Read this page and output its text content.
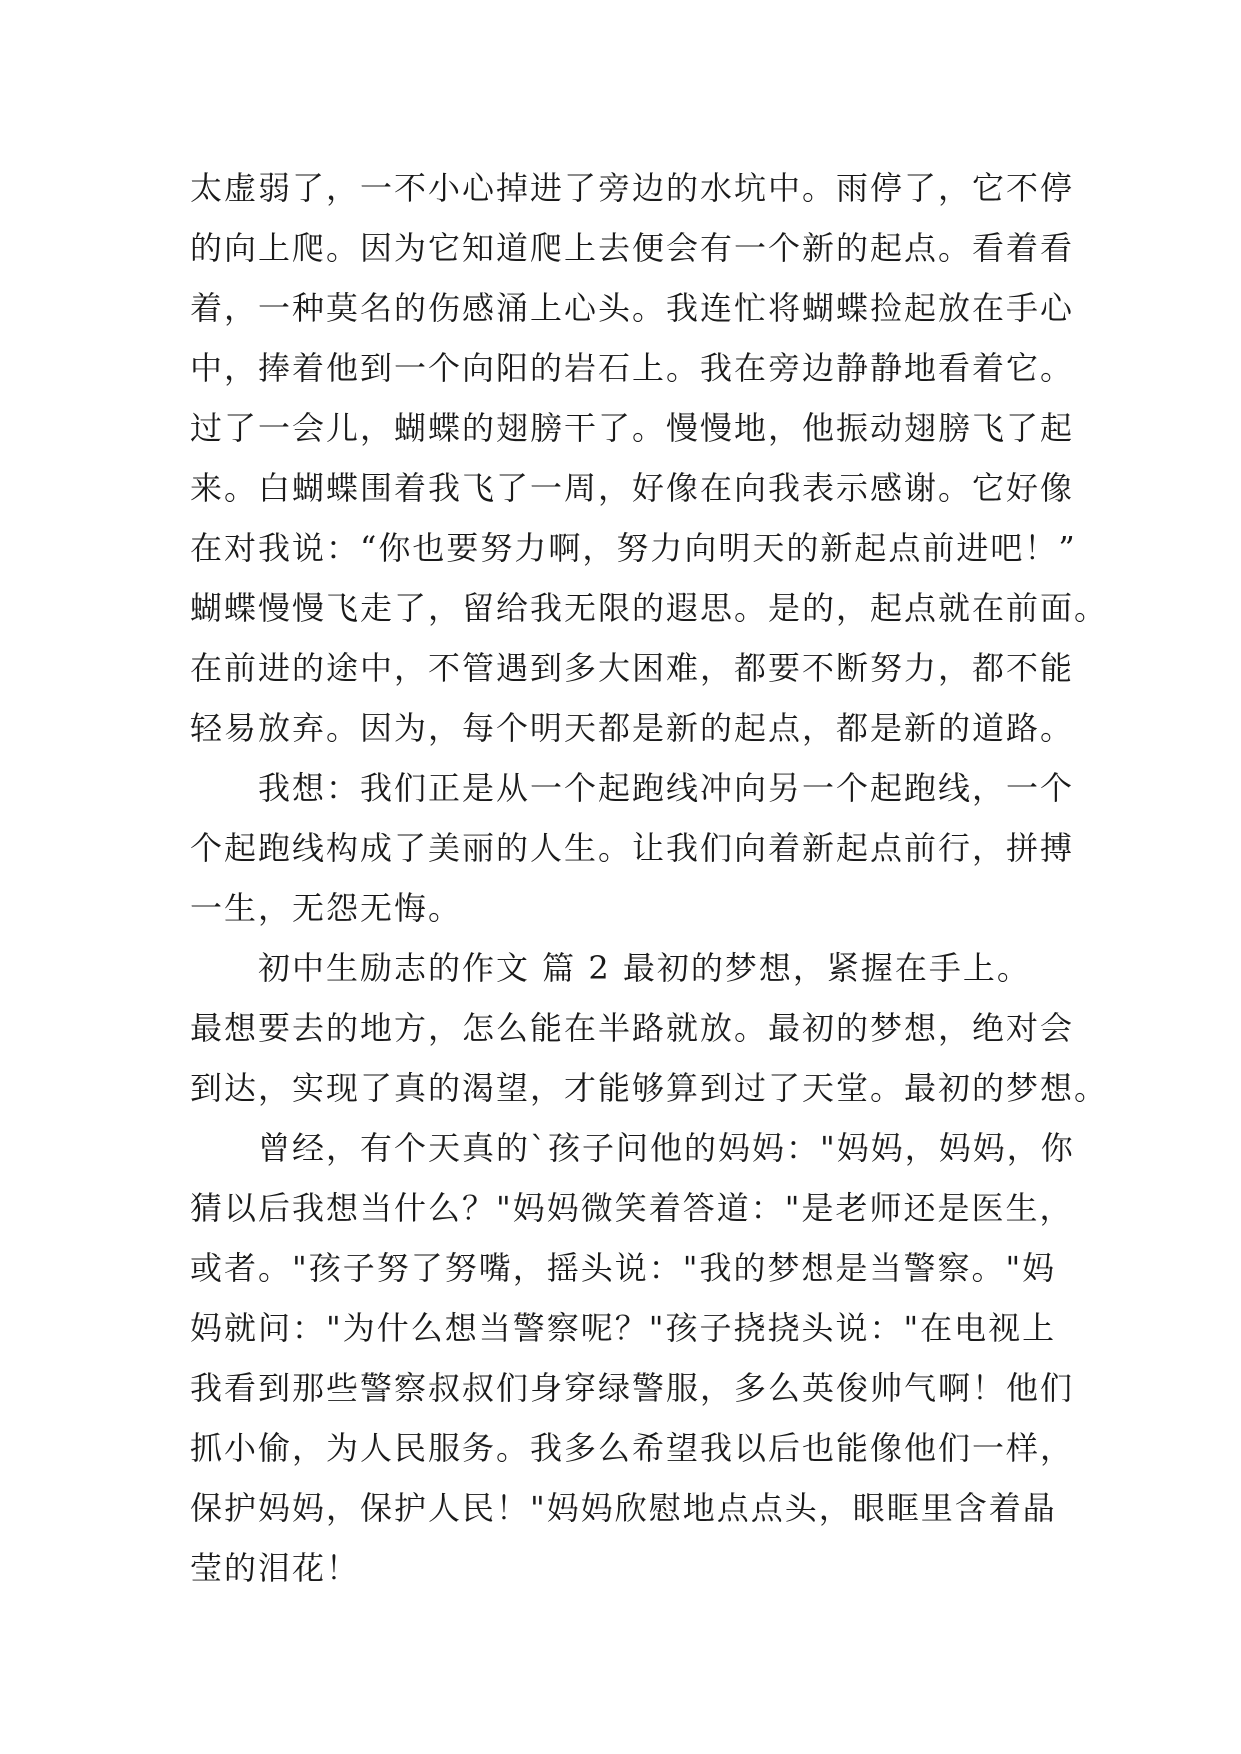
太虚弱了，一不小心掉进了旁边的水坑中。雨停了，它不停
的向上爬。因为它知道爬上去便会有一个新的起点。看着看
着，一种莫名的伤感涌上心头。我连忙将蝴蝶捡起放在手心
中，捧着他到一个向阳的岩石上。我在旁边静静地看着它。
过了一会儿，蝴蝶的翅膀干了。慢慢地，他振动翅膀飞了起
来。白蝴蝶围着我飞了一周，好像在向我表示感谢。它好像
在对我说：“你也要努力啊，努力向明天的新起点前进吧！”
蝴蝶慢慢飞走了，留给我无限的遐思。是的，起点就在前面。
在前进的途中，不管遇到多大困难，都要不断努力，都不能
轻易放弃。因为，每个明天都是新的起点，都是新的道路。
我想：我们正是从一个起跑线冲向另一个起跑线，一个
个起跑线构成了美丽的人生。让我们向着新起点前行，拼搏
一生，无怨无悔。
初中生励志的作文 篇 2 最初的梦想，紧握在手上。
最想要去的地方，怎么能在半路就放。最初的梦想，绝对会
到达，实现了真的渴望，才能够算到过了天堂。最初的梦想。
曾经，有个天真的`孩子问他的妈妈："妈妈，妈妈，你
猜以后我想当什么？"妈妈微笑着答道："是老师还是医生，
或者。"孩子努了努嘴，摇头说："我的梦想是当警察。"妈
妈就问："为什么想当警察呢？"孩子挠挠头说："在电视上
我看到那些警察叔叔们身穿绿警服，多么英俊帅气啊！他们
抓小偷，为人民服务。我多么希望我以后也能像他们一样，
保护妈妈，保护人民！"妈妈欣慰地点点头，眼眶里含着晶
莹的泪花！
